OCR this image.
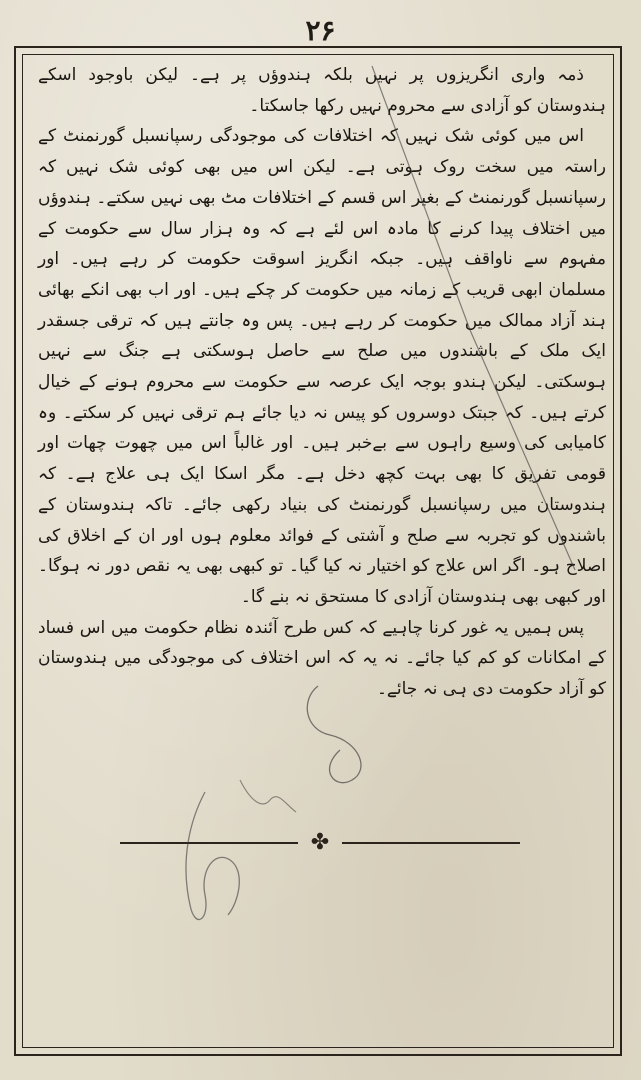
۲۶

ذمہ واری انگریزوں پر نہیں بلکہ ہندوؤں پر ہے۔ لیکن باوجود اسکے ہندوستان کو آزادی سے محروم نہیں رکھا جاسکتا۔

اس میں کوئی شک نہیں کہ اختلافات کی موجودگی رسپانسبل گورنمنٹ کے راستہ میں سخت روک ہوتی ہے۔ لیکن اس میں بھی کوئی شک نہیں کہ رسپانسبل گورنمنٹ کے بغیر اس قسم کے اختلافات مٹ بھی نہیں سکتے۔ ہندوؤں میں اختلاف پیدا کرنے کا مادہ اس لئے ہے کہ وہ ہزار سال سے حکومت کے مفہوم سے ناواقف ہیں۔ جبکہ انگریز اسوقت حکومت کر رہے ہیں۔ اور مسلمان ابھی قریب کے زمانہ میں حکومت کر چکے ہیں۔ اور اب بھی انکے بھائی ہند آزاد ممالک میں حکومت کر رہے ہیں۔ پس وہ جانتے ہیں کہ ترقی جسقدر ایک ملک کے باشندوں میں صلح سے حاصل ہوسکتی ہے جنگ سے نہیں ہوسکتی۔ لیکن ہندو بوجہ ایک عرصہ سے حکومت سے محروم ہونے کے خیال کرتے ہیں۔ کہ جبتک دوسروں کو پیس نہ دیا جائے ہم ترقی نہیں کر سکتے۔ وہ کامیابی کی وسیع راہوں سے بےخبر ہیں۔ اور غالباً اس میں چھوت چھات اور قومی تفریق کا بھی بہت کچھ دخل ہے۔ مگر اسکا ایک ہی علاج ہے۔ کہ ہندوستان میں رسپانسبل گورنمنٹ کی بنیاد رکھی جائے۔ تاکہ ہندوستان کے باشندوں کو تجربہ سے صلح و آشتی کے فوائد معلوم ہوں اور ان کے اخلاق کی اصلاح ہو۔ اگر اس علاج کو اختیار نہ کیا گیا۔ تو کبھی بھی یہ نقص دور نہ ہوگا۔ اور کبھی بھی ہندوستان آزادی کا مستحق نہ بنے گا۔

پس ہمیں یہ غور کرنا چاہیے کہ کس طرح آئندہ نظام حکومت میں اس فساد کے امکانات کو کم کیا جائے۔ نہ یہ کہ اس اختلاف کی موجودگی میں ہندوستان کو آزاد حکومت دی ہی نہ جائے۔

✤
